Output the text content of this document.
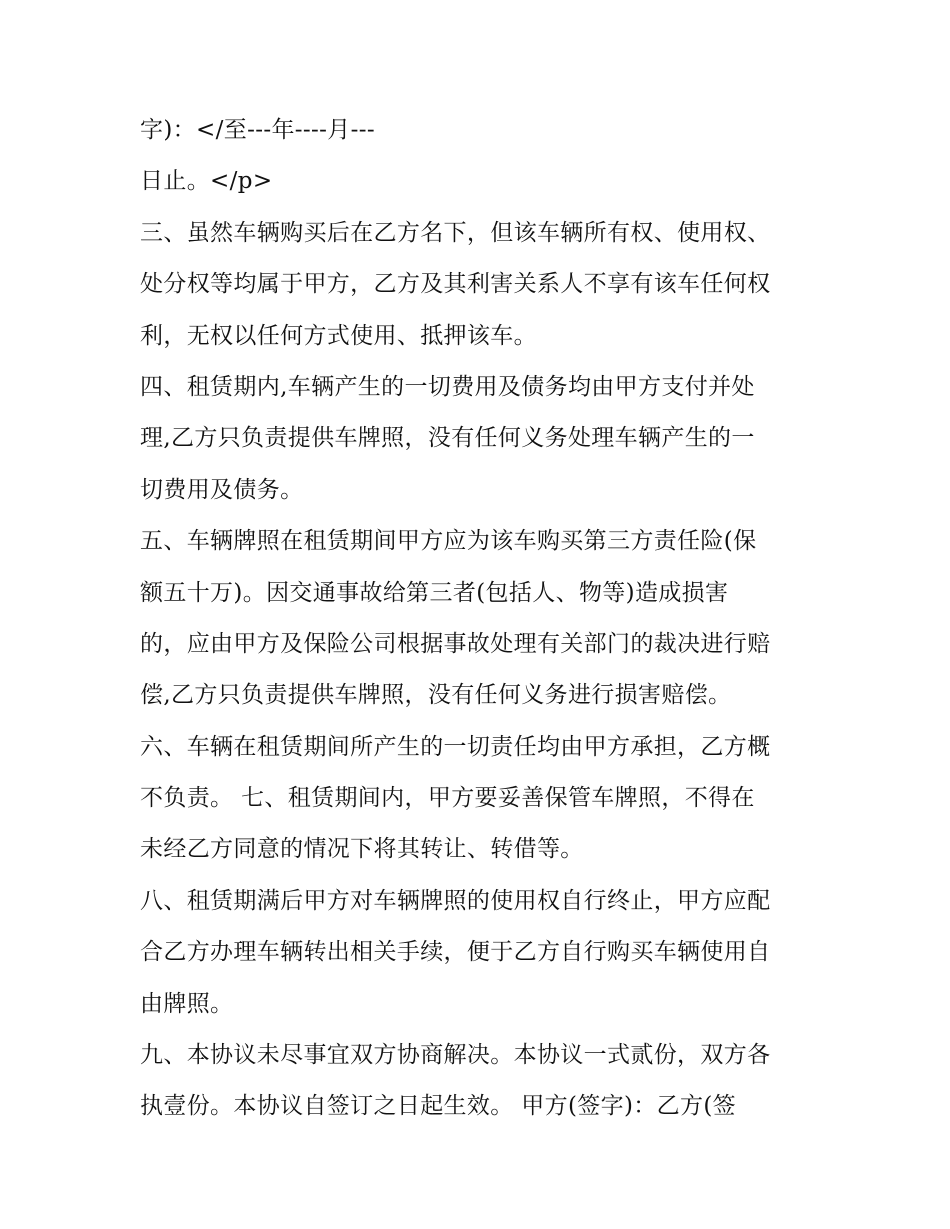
字)：</至---年----月---
日止。</p>
三、虽然车辆购买后在乙方名下，但该车辆所有权、使用权、
处分权等均属于甲方，乙方及其利害关系人不享有该车任何权
利，无权以任何方式使用、抵押该车。
四、租赁期内,车辆产生的一切费用及债务均由甲方支付并处
理,乙方只负责提供车牌照，没有任何义务处理车辆产生的一
切费用及债务。
五、车辆牌照在租赁期间甲方应为该车购买第三方责任险(保
额五十万)。因交通事故给第三者(包括人、物等)造成损害
的，应由甲方及保险公司根据事故处理有关部门的裁决进行赔
偿,乙方只负责提供车牌照，没有任何义务进行损害赔偿。
六、车辆在租赁期间所产生的一切责任均由甲方承担，乙方概
不负责。 七、租赁期间内，甲方要妥善保管车牌照，不得在
未经乙方同意的情况下将其转让、转借等。
八、租赁期满后甲方对车辆牌照的使用权自行终止，甲方应配
合乙方办理车辆转出相关手续，便于乙方自行购买车辆使用自
由牌照。
九、本协议未尽事宜双方协商解决。本协议一式贰份，双方各
执壹份。本协议自签订之日起生效。 甲方(签字)：乙方(签
